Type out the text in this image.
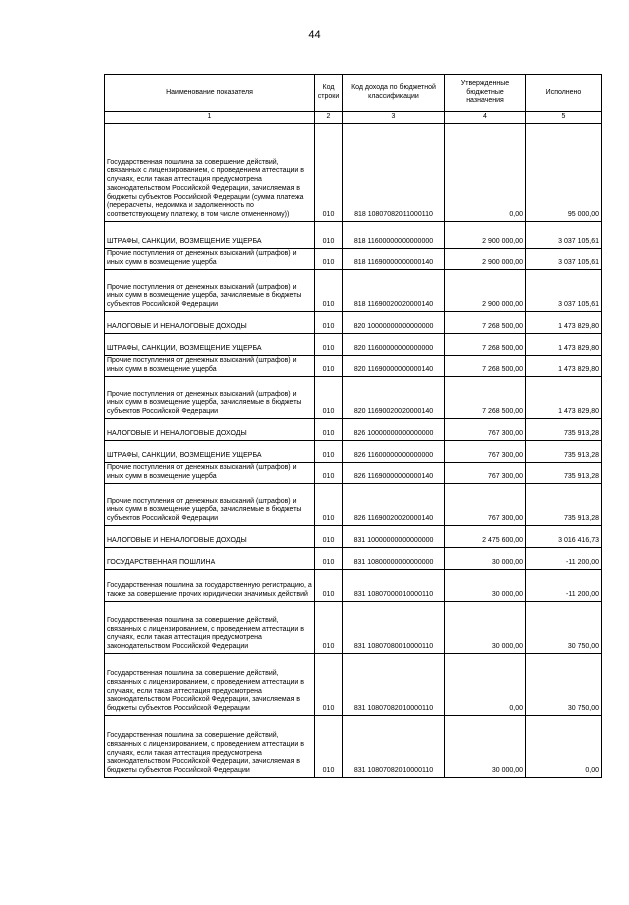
44
Наименование показателя	Код строки	Код дохода по бюджетной классификации	Утвержденные бюджетные назначения	Исполнено
1	2	3	4	5
Государственная пошлина за совершение действий, связанных с лицензированием, с проведением аттестации в случаях, если такая аттестация предусмотрена законодательством Российской Федерации, зачисляемая в бюджеты субъектов Российской Федерации (сумма платежа (перерасчеты, недоимка и задолженность по соответствующему платежу, в том числе отмененному))	010	818 10807082011000110	0,00	95 000,00
ШТРАФЫ, САНКЦИИ, ВОЗМЕЩЕНИЕ УЩЕРБА	010	818 11600000000000000	2 900 000,00	3 037 105,61
Прочие поступления от денежных взысканий (штрафов) и иных сумм в возмещение ущерба	010	818 11690000000000140	2 900 000,00	3 037 105,61
Прочие поступления от денежных взысканий (штрафов) и иных сумм в возмещение ущерба, зачисляемые в бюджеты субъектов Российской Федерации	010	818 11690020020000140	2 900 000,00	3 037 105,61
НАЛОГОВЫЕ И НЕНАЛОГОВЫЕ ДОХОДЫ	010	820 10000000000000000	7 268 500,00	1 473 829,80
ШТРАФЫ, САНКЦИИ, ВОЗМЕЩЕНИЕ УЩЕРБА	010	820 11600000000000000	7 268 500,00	1 473 829,80
Прочие поступления от денежных взысканий (штрафов) и иных сумм в возмещение ущерба	010	820 11690000000000140	7 268 500,00	1 473 829,80
Прочие поступления от денежных взысканий (штрафов) и иных сумм в возмещение ущерба, зачисляемые в бюджеты субъектов Российской Федерации	010	820 11690020020000140	7 268 500,00	1 473 829,80
НАЛОГОВЫЕ И НЕНАЛОГОВЫЕ ДОХОДЫ	010	826 10000000000000000	767 300,00	735 913,28
ШТРАФЫ, САНКЦИИ, ВОЗМЕЩЕНИЕ УЩЕРБА	010	826 11600000000000000	767 300,00	735 913,28
Прочие поступления от денежных взысканий (штрафов) и иных сумм в возмещение ущерба	010	826 11690000000000140	767 300,00	735 913,28
Прочие поступления от денежных взысканий (штрафов) и иных сумм в возмещение ущерба, зачисляемые в бюджеты субъектов Российской Федерации	010	826 11690020020000140	767 300,00	735 913,28
НАЛОГОВЫЕ И НЕНАЛОГОВЫЕ ДОХОДЫ	010	831 10000000000000000	2 475 600,00	3 016 416,73
ГОСУДАРСТВЕННАЯ ПОШЛИНА	010	831 10800000000000000	30 000,00	-11 200,00
Государственная пошлина за государственную регистрацию, а также за совершение прочих юридически значимых действий	010	831 10807000010000110	30 000,00	-11 200,00
Государственная пошлина за совершение действий, связанных с лицензированием, с проведением аттестации в случаях, если такая аттестация предусмотрена законодательством Российской Федерации	010	831 10807080010000110	30 000,00	30 750,00
Государственная пошлина за совершение действий, связанных с лицензированием, с проведением аттестации в случаях, если такая аттестация предусмотрена законодательством Российской Федерации, зачисляемая в бюджеты субъектов Российской Федерации	010	831 10807082010000110	0,00	30 750,00
Государственная пошлина за совершение действий, связанных с лицензированием, с проведением аттестации в случаях, если такая аттестация предусмотрена законодательством Российской Федерации, зачисляемая в бюджеты субъектов Российской Федерации	010	831 10807082010000110	30 000,00	0,00
